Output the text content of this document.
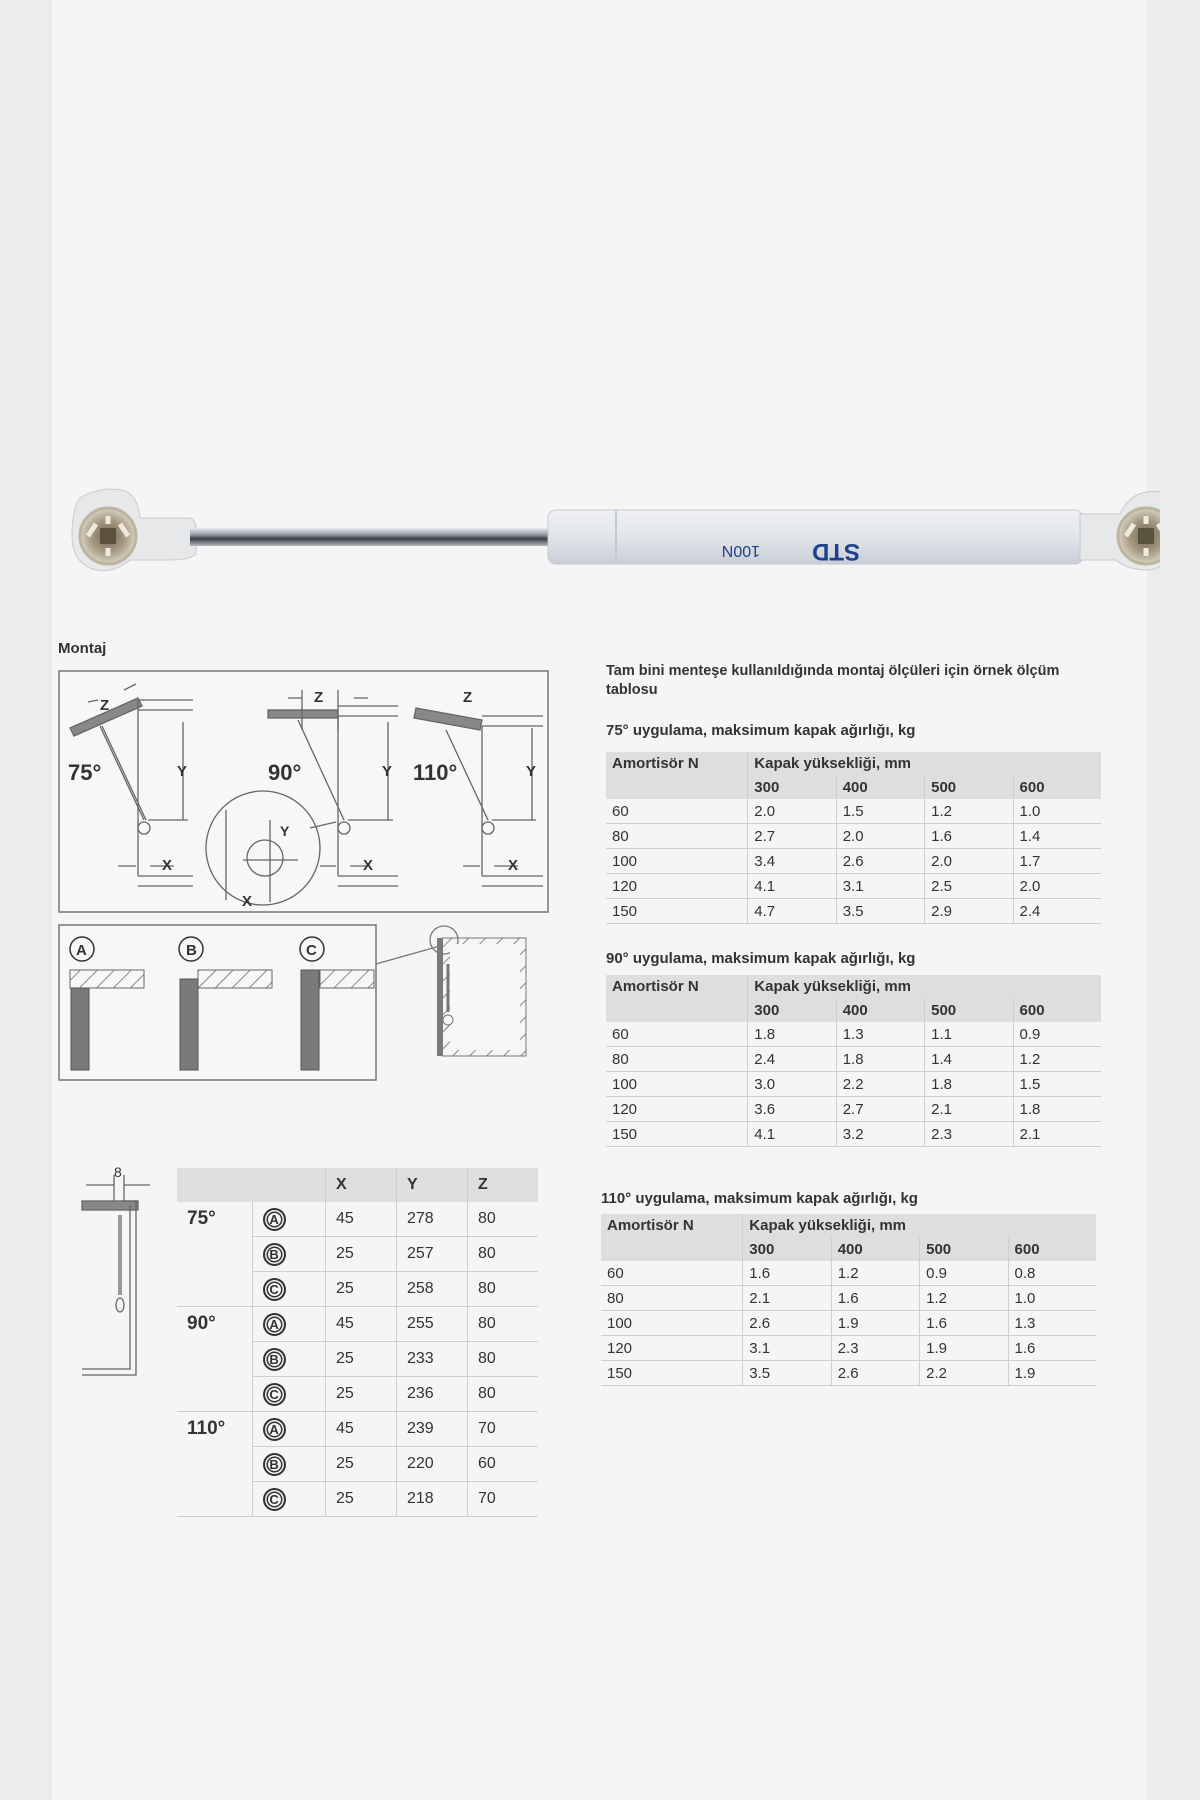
100N STD
Montaj
75°	90°	110°
Z	Z	Z
Y	Y	Y
Y
X	X	X
X
A	B	C
Tam bini menteşe kullanıldığında montaj ölçüleri için örnek ölçüm tablosu
75° uygulama, maksimum kapak ağırlığı, kg
Amortisör N	Kapak yüksekliği, mm			
	300	400	500	600
60	2.0	1.5	1.2	1.0
80	2.7	2.0	1.6	1.4
100	3.4	2.6	2.0	1.7
120	4.1	3.1	2.5	2.0
150	4.7	3.5	2.9	2.4
90° uygulama, maksimum kapak ağırlığı, kg
Amortisör N	Kapak yüksekliği, mm			
	300	400	500	600
60	1.8	1.3	1.1	0.9
80	2.4	1.8	1.4	1.2
100	3.0	2.2	1.8	1.5
120	3.6	2.7	2.1	1.8
150	4.1	3.2	2.3	2.1
110° uygulama, maksimum kapak ağırlığı, kg
Amortisör N	Kapak yüksekliği, mm			
	300	400	500	600
60	1.6	1.2	0.9	0.8
80	2.1	1.6	1.2	1.0
100	2.6	1.9	1.6	1.3
120	3.1	2.3	1.9	1.6
150	3.5	2.6	2.2	1.9
8
		X	Y	Z
75°	A	45	278	80
	B	25	257	80
	C	25	258	80
90°	A	45	255	80
	B	25	233	80
	C	25	236	80
110°	A	45	239	70
	B	25	220	60
	C	25	218	70
